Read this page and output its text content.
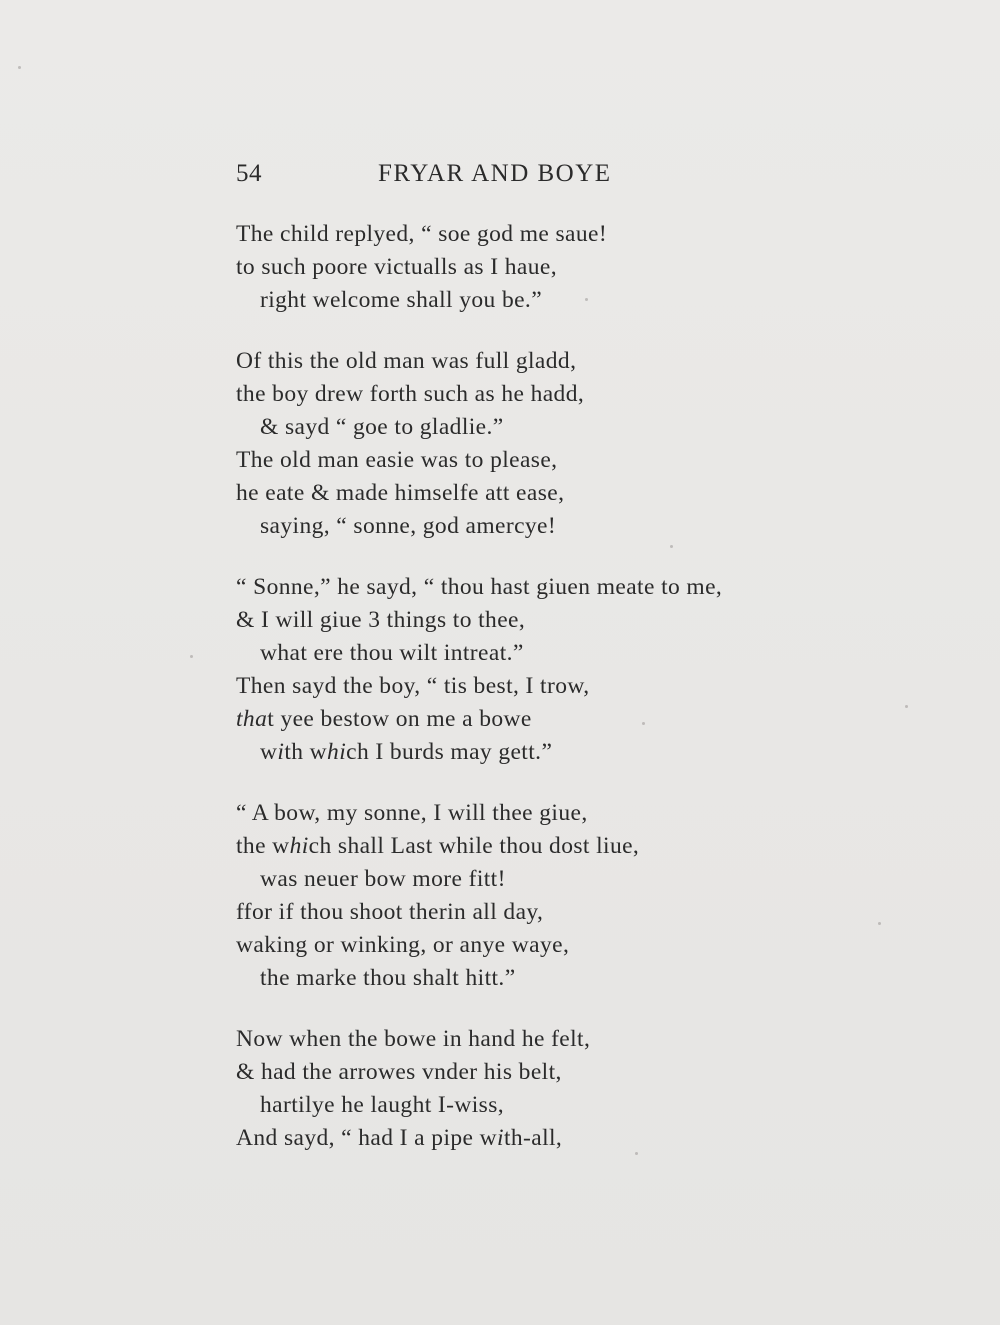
54	FRYAR AND BOYE
The child replyed, “ soe god me saue!
to such poore victualls as I haue,
right welcome shall you be.”
Of this the old man was full gladd,
the boy drew forth such as he hadd,
& sayd “ goe to gladlie.”
The old man easie was to please,
he eate & made himselfe att ease,
saying, “ sonne, god amercye!
“ Sonne,” he sayd, “ thou hast giuen meate to me,
& I will giue 3 things to thee,
what ere thou wilt intreat.”
Then sayd the boy, “ tis best, I trow,
that yee bestow on me a bowe
with which I burds may gett.”
“ A bow, my sonne, I will thee giue,
the which shall Last while thou dost liue,
was neuer bow more fitt!
ffor if thou shoot therin all day,
waking or winking, or anye waye,
the marke thou shalt hitt.”
Now when the bowe in hand he felt,
& had the arrowes vnder his belt,
hartilye he laught I-wiss,
And sayd, “ had I a pipe with-all,
